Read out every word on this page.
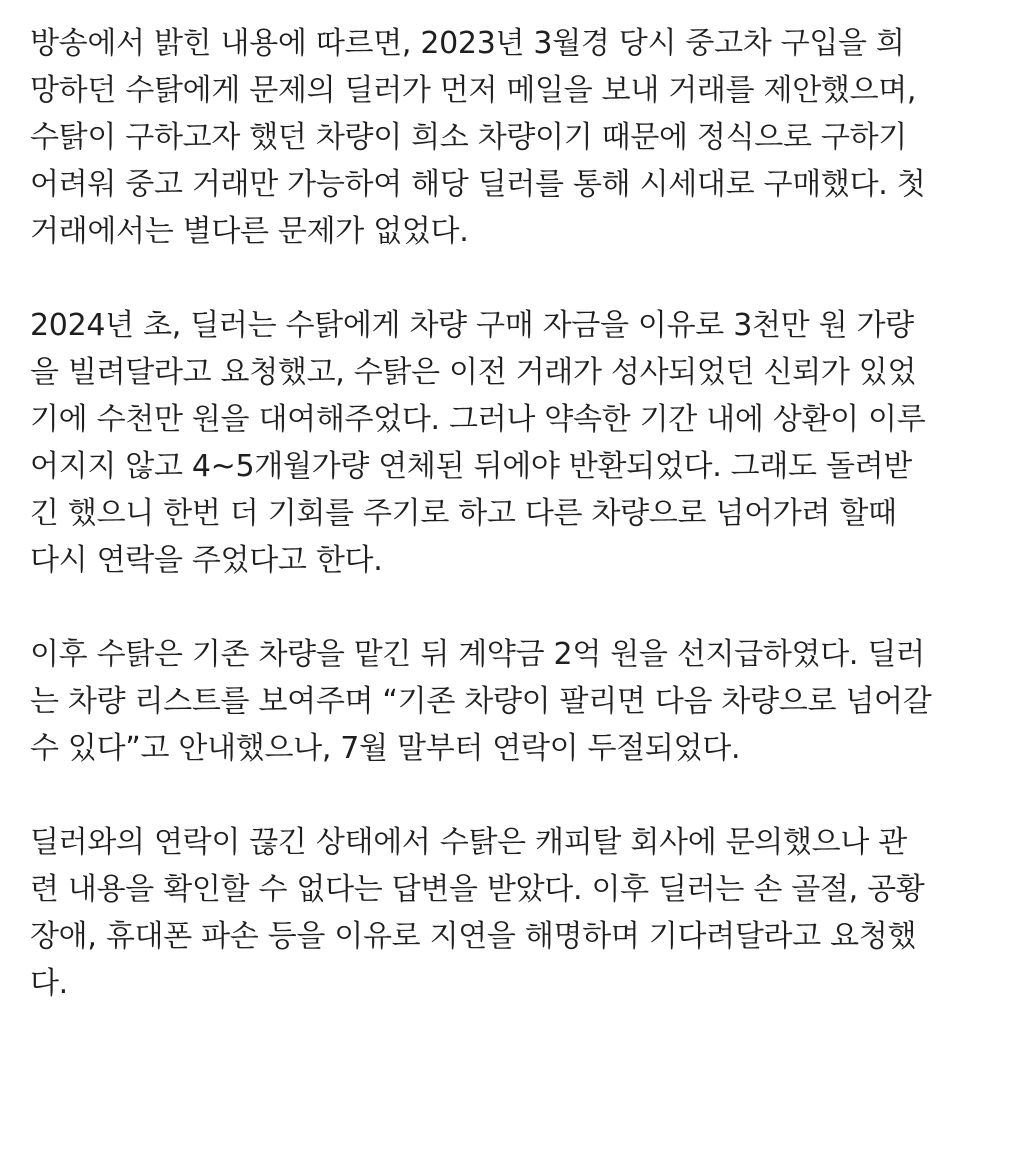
방송에서 밝힌 내용에 따르면, 2023년 3월경 당시 중고차 구입을 희
망하던 수탉에게 문제의 딜러가 먼저 메일을 보내 거래를 제안했으며,
수탉이 구하고자 했던 차량이 희소 차량이기 때문에 정식으로 구하기
어려워 중고 거래만 가능하여 해당 딜러를 통해 시세대로 구매했다. 첫
거래에서는 별다른 문제가 없었다.

2024년 초, 딜러는 수탉에게 차량 구매 자금을 이유로 3천만 원 가량
을 빌려달라고 요청했고, 수탉은 이전 거래가 성사되었던 신뢰가 있었
기에 수천만 원을 대여해주었다. 그러나 약속한 기간 내에 상환이 이루
어지지 않고 4~5개월가량 연체된 뒤에야 반환되었다. 그래도 돌려받
긴 했으니 한번 더 기회를 주기로 하고 다른 차량으로 넘어가려 할때
다시 연락을 주었다고 한다.

이후 수탉은 기존 차량을 맡긴 뒤 계약금 2억 원을 선지급하였다. 딜러
는 차량 리스트를 보여주며 “기존 차량이 팔리면 다음 차량으로 넘어갈
수 있다”고 안내했으나, 7월 말부터 연락이 두절되었다.

딜러와의 연락이 끊긴 상태에서 수탉은 캐피탈 회사에 문의했으나 관
련 내용을 확인할 수 없다는 답변을 받았다. 이후 딜러는 손 골절, 공황
장애, 휴대폰 파손 등을 이유로 지연을 해명하며 기다려달라고 요청했
다.
